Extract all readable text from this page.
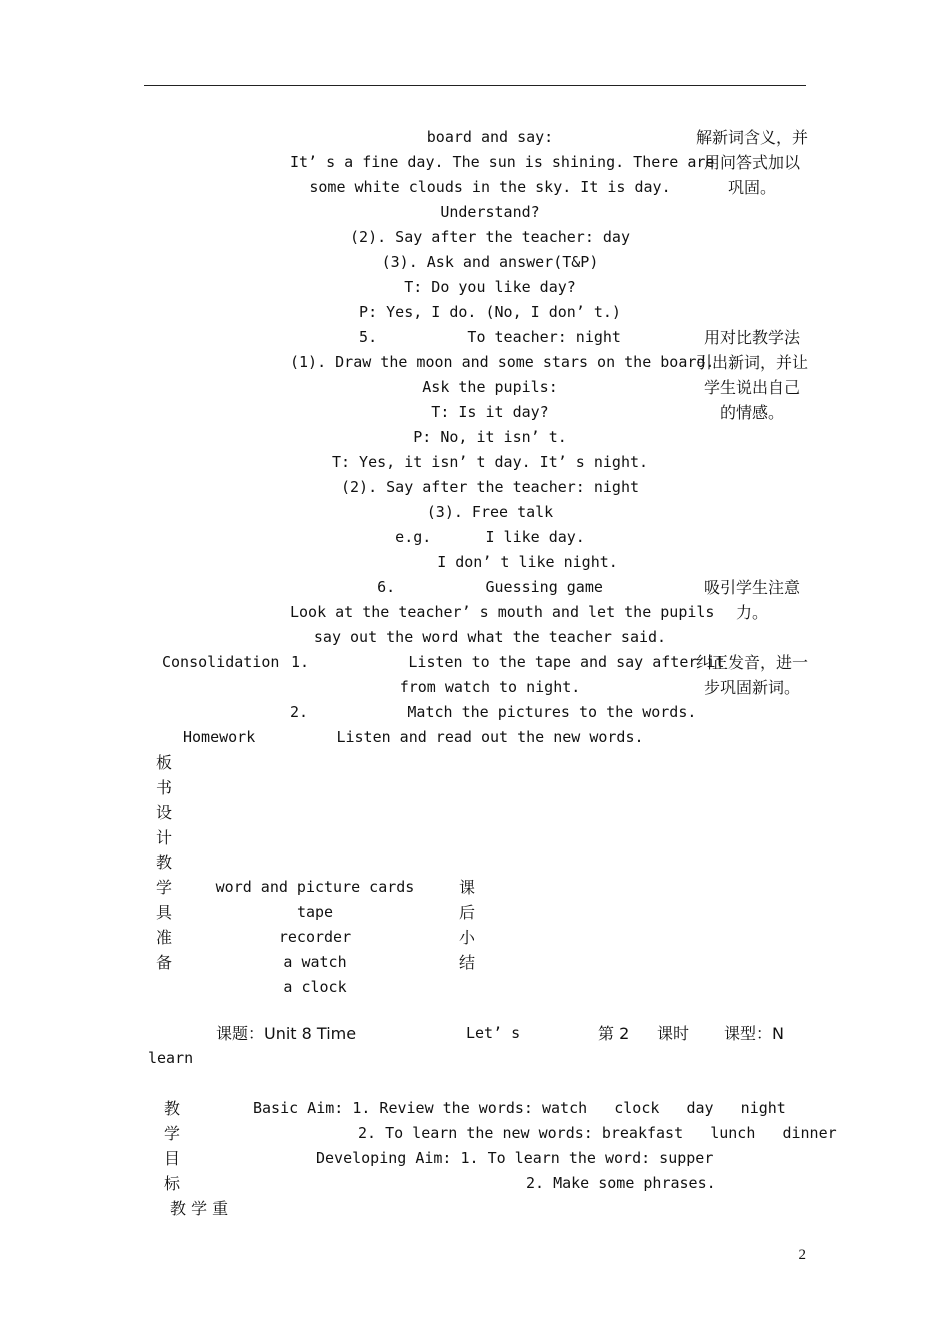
board and say:
It’ s a fine day. The sun is shining. There are
some white clouds in the sky. It is day.
Understand?
(2). Say after the teacher: day
(3). Ask and answer(T&P)
T: Do you like day?
P: Yes, I do. (No, I don’ t.)
5.          To teacher: night
(1). Draw the moon and some stars on the board.
Ask the pupils:
T: Is it day?
P: No, it isn’ t.
T: Yes, it isn’ t day. It’ s night.
(2). Say after the teacher: night
(3). Free talk
e.g.      I like day.
I don’ t like night.
6.          Guessing game
Look at the teacher’ s mouth and let the pupils
say out the word what the teacher said.
1.           Listen to the tape and say after it
from watch to night.
2.           Match the pictures to the words.
Listen and read out the new words.
解新词含义，并
用问答式加以
巩固。
用对比教学法
引出新词，并让
学生说出自己
的情感。
吸引学生注意
力。
纠正发音，进一
步巩固新词。
Consolidation
Homework
板
书
设
计
教
学
具
准
备
word and picture cards
tape
recorder
a watch
a clock
课
后
小
结
课题：Unit 8 Time	Let’ s	第 2 课时 课型：N
learn
教
学
目
标
Basic Aim: 1. Review the words: watch   clock   day   night
2. To learn the new words: breakfast   lunch   dinner
Developing Aim: 1. To learn the word: supper
2. Make some phrases.
教 学 重
2
